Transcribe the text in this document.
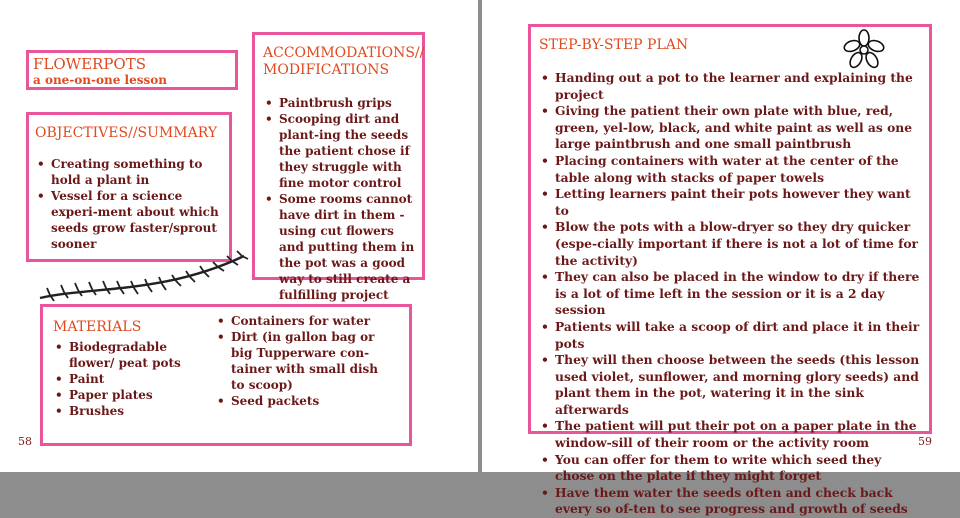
FLOWERPOTS
a one-on-one lesson
ACCOMMODATIONS// MODIFICATIONS
• Paintbrush grips
• Scooping dirt and plant-ing the seeds the patient chose if they struggle with fine motor control
• Some rooms cannot have dirt in them - using cut flowers and putting them in the pot was a good way to still create a fulfilling project
OBJECTIVES//SUMMARY
• Creating something to hold a plant in
• Vessel for a science experi-ment about which seeds grow faster/sprout sooner
MATERIALS
• Biodegradable flower/ peat pots
• Paint
• Paper plates
• Brushes
• Containers for water
• Dirt (in gallon bag or big Tupperware con-tainer with small dish to scoop)
• Seed packets
58
STEP-BY-STEP PLAN
• Handing out a pot to the learner and explaining the project
• Giving the patient their own plate with blue, red, green, yel-low, black, and white paint as well as one large paintbrush and one small paintbrush
• Placing containers with water at the center of the table along with stacks of paper towels
• Letting learners paint their pots however they want to
• Blow the pots with a blow-dryer so they dry quicker (espe-cially important if there is not a lot of time for the activity)
• They can also be placed in the window to dry if there is a lot of time left in the session or it is a 2 day session
• Patients will take a scoop of dirt and place it in their pots
• They will then choose between the seeds (this lesson used violet, sunflower, and morning glory seeds) and plant them in the pot, watering it in the sink afterwards
• The patient will put their pot on a paper plate in the window-sill of their room or the activity room
• You can offer for them to write which seed they chose on the plate if they might forget
• Have them water the seeds often and check back every so of-ten to see progress and growth of seeds
59
